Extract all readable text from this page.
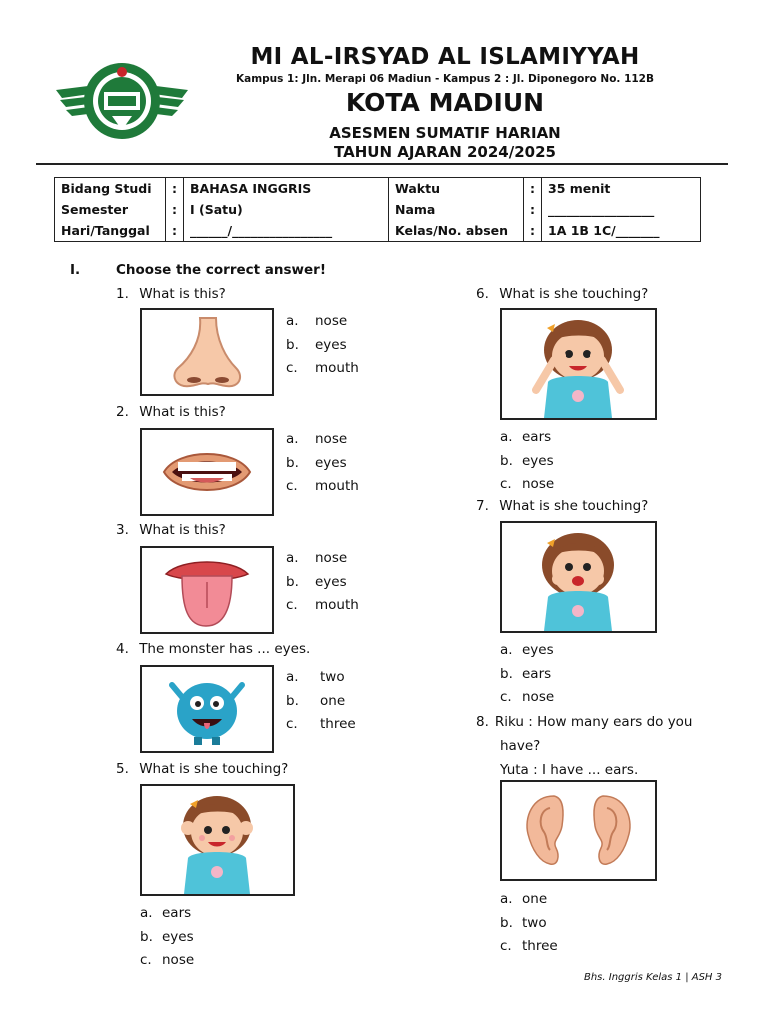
MI AL-IRSYAD AL ISLAMIYYAH
Kampus 1: Jln. Merapi 06 Madiun - Kampus 2 : Jl. Diponegoro No. 112B
KOTA MADIUN
ASESMEN SUMATIF HARIAN
TAHUN AJARAN 2024/2025
Bidang Studi	:	BAHASA INGGRIS	Waktu	:	35 menit
Semester	:	I (Satu)	Nama	:	_________________
Hari/Tanggal	:	______/________________	Kelas/No. absen	:	1A 1B 1C/_______
I.	Choose the correct answer!
1. What is this?
a. nose
b. eyes
c. mouth
2. What is this?
a. nose
b. eyes
c. mouth
3. What is this?
a. nose
b. eyes
c. mouth
4. The monster has ... eyes.
a. two
b. one
c. three
5. What is she touching?
a. ears
b. eyes
c. nose
6. What is she touching?
a. ears
b. eyes
c. nose
7. What is she touching?
a. eyes
b. ears
c. nose
8. Riku : How many ears do you
have?
Yuta : I have ... ears.
a. one
b. two
c. three
Bhs. Inggris Kelas 1 | ASH 3
